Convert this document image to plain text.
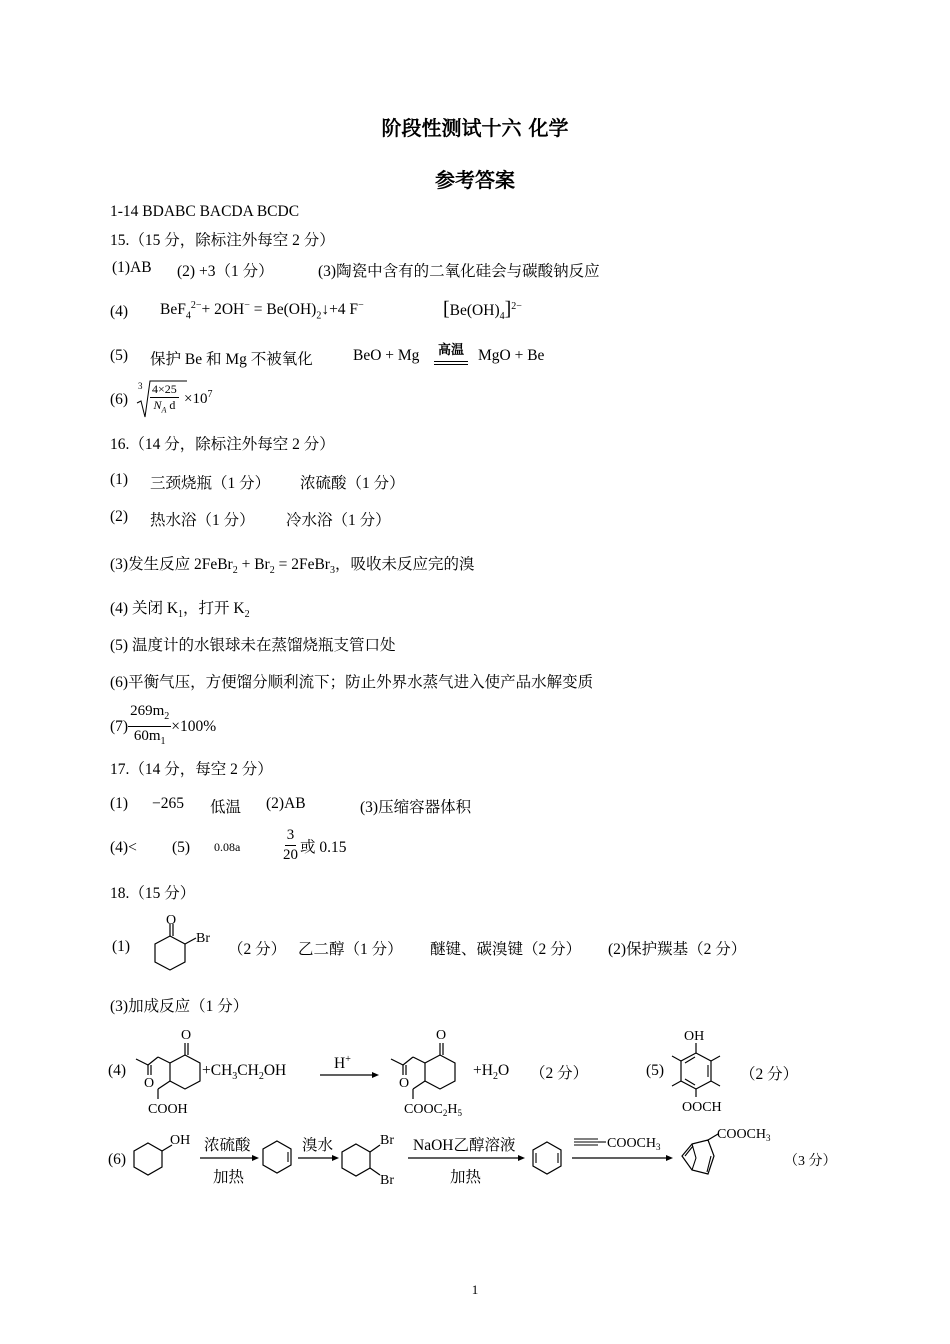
阶段性测试十六 化学
参考答案
1-14 BDABC BACDA BCDC
15.（15 分，除标注外每空 2 分）
(1)AB (2) +3（1 分）	(3)陶瓷中含有的二氧化硅会与碳酸钠反应
(4) $BeF_4^{2-}+ 2OH^- = Be(OH)_2↓+4$ F−	$[Be(OH)_4]^{2-}$
(5) 保护 Be 和 Mg 不被氧化	BeO + Mg	高温 MgO + Be
(6)
$3 \frac{4\times 25}{N_A d} \times 10^7$
16.（14 分，除标注外每空 2 分）
(1) 三颈烧瓶（1 分） 浓硫酸（1 分）
(2) 热水浴（1 分） 冷水浴（1 分）
(3)发生反应 2FeBr$_2$ + $Br_2$ = 2FeBr$_3$，吸收未反应完的溴
(4) 关闭 $K_1$，打开 $K_2$
(5) 温度计的水银球未在蒸馏烧瓶支管口处
(6)平衡气压，方便馏分顺利流下；防止外界水蒸气进入使产品水解变质
$(7) \frac{269m_2}{60m_1} \times 100\%$
17.（14 分，每空 2 分）
(1) −265 低温 (2)AB	(3)压缩容器体积
(4)< (5) 0.08a	$\frac{3}{20}$ 或 0.15
18.（15 分）
(1)
O
Br
（2 分） 乙二醇（1 分） 醚键、碳溴键（2 分） (2)保护羰基（2 分）
(3)加成反应（1 分）
(4)
O
O
COOH
$+CH_3CH_2OH$	H+
O
O
$COOC_2H_5$
$+H_2O$ （2 分）	(5)
OH
OOCH
（2 分）
(6)
OH 浓硫酸
加热
溴水	Br
Br
NaOH乙醇溶液
加热
$COOCH_3$
$COOCH_3$
（3 分）
1
